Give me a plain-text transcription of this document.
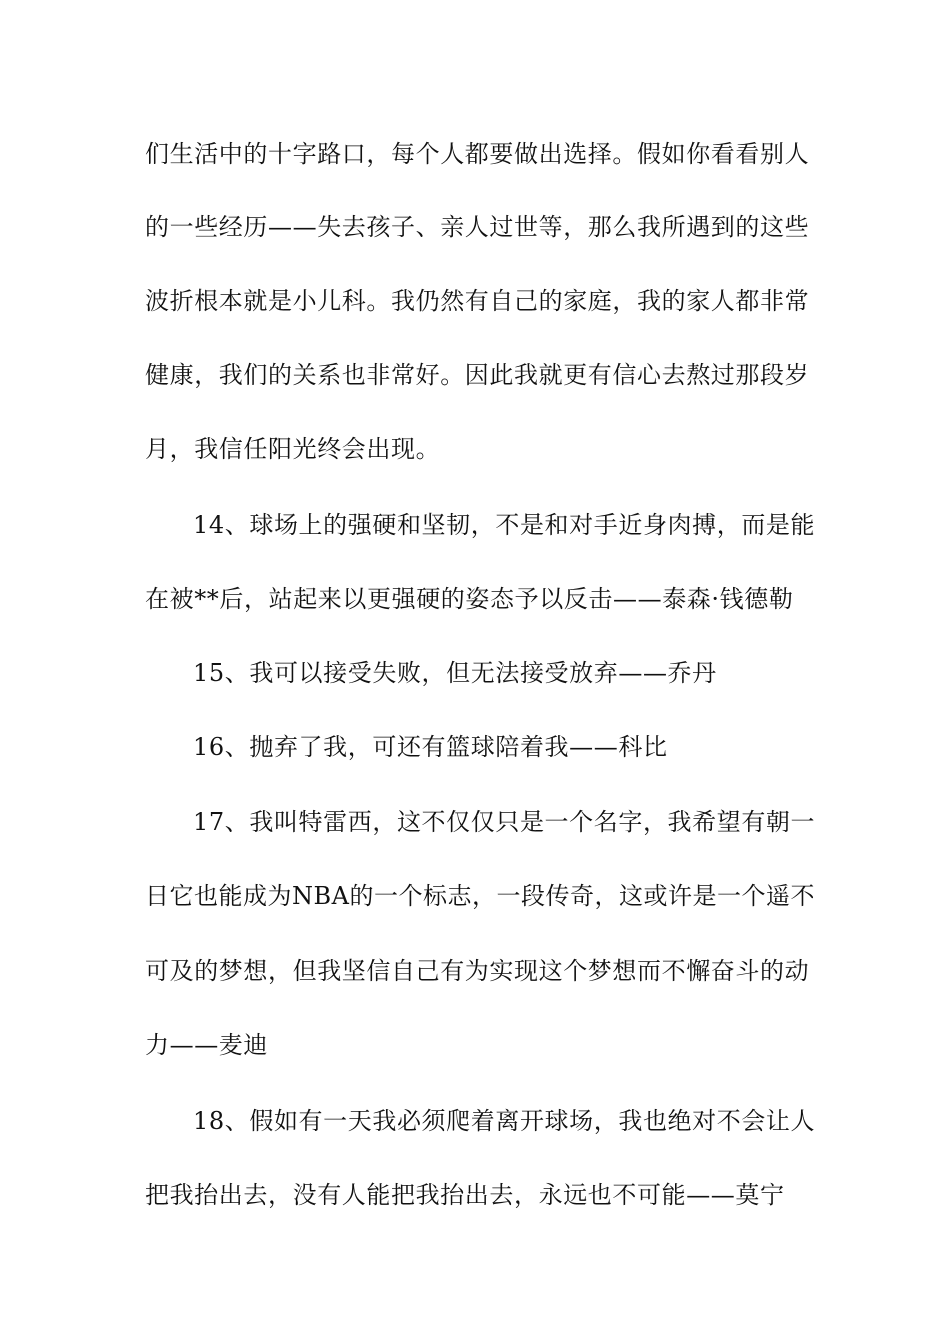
们生活中的十字路口，每个人都要做出选择。假如你看看别人
的一些经历——失去孩子、亲人过世等，那么我所遇到的这些
波折根本就是小儿科。我仍然有自己的家庭，我的家人都非常
健康，我们的关系也非常好。因此我就更有信心去熬过那段岁
月，我信任阳光终会出现。
14、球场上的强硬和坚韧，不是和对手近身肉搏，而是能
在被**后，站起来以更强硬的姿态予以反击——泰森·钱德勒
15、我可以接受失败，但无法接受放弃——乔丹
16、抛弃了我，可还有篮球陪着我——科比
17、我叫特雷西，这不仅仅只是一个名字，我希望有朝一
日它也能成为NBA的一个标志，一段传奇，这或许是一个遥不
可及的梦想，但我坚信自己有为实现这个梦想而不懈奋斗的动
力——麦迪
18、假如有一天我必须爬着离开球场，我也绝对不会让人
把我抬出去，没有人能把我抬出去，永远也不可能——莫宁
